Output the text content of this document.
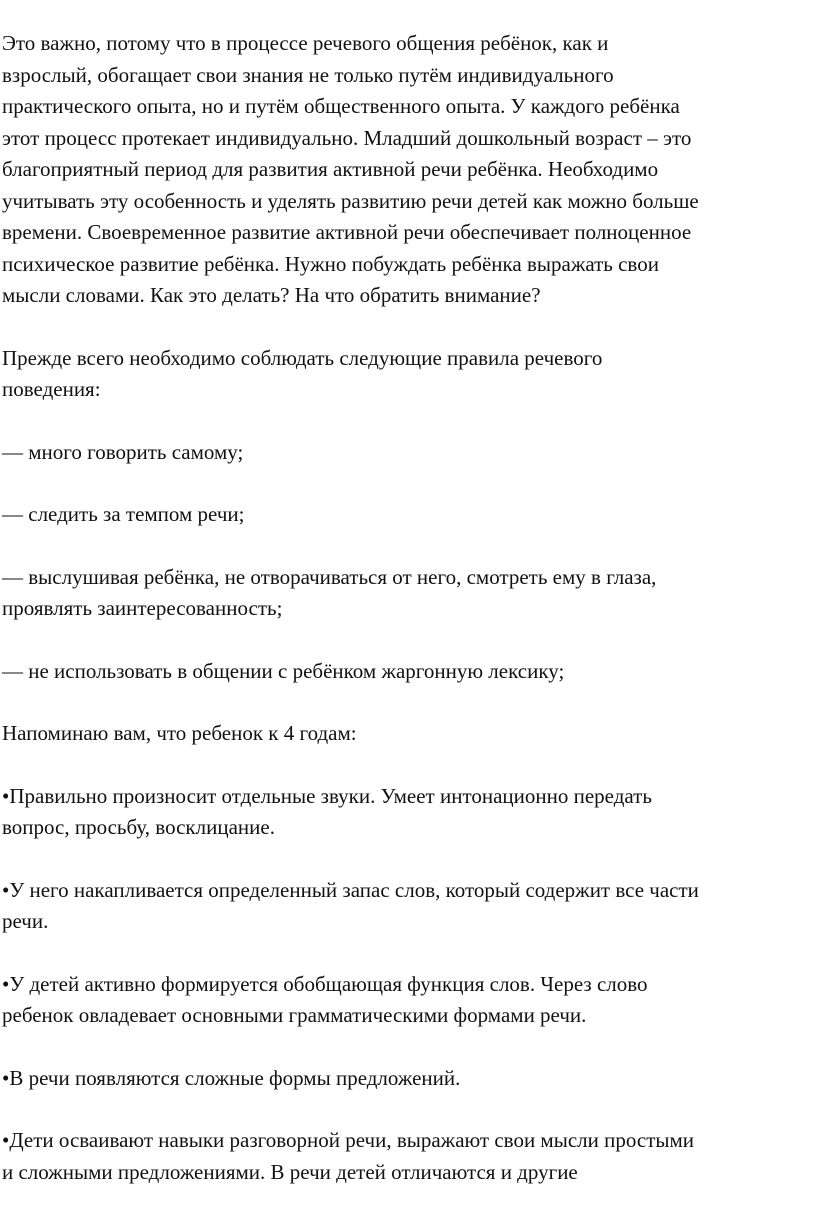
Это важно, потому что в процессе речевого общения ребёнок, как и
взрослый, обогащает свои знания не только путём индивидуального
практического опыта, но и путём общественного опыта. У каждого ребёнка
этот процесс протекает индивидуально. Младший дошкольный возраст – это
благоприятный период для развития активной речи ребёнка. Необходимо
учитывать эту особенность и уделять развитию речи детей как можно больше
времени. Своевременное развитие активной речи обеспечивает полноценное
психическое развитие ребёнка. Нужно побуждать ребёнка выражать свои
мысли словами. Как это делать? На что обратить внимание?

Прежде всего необходимо соблюдать следующие правила речевого
поведения:

— много говорить самому;

— следить за темпом речи;

— выслушивая ребёнка, не отворачиваться от него, смотреть ему в глаза,
проявлять заинтересованность;

— не использовать в общении с ребёнком жаргонную лексику;

Напоминаю вам, что ребенок к 4 годам:

•Правильно произносит отдельные звуки. Умеет интонационно передать
вопрос, просьбу, восклицание.

•У него накапливается определенный запас слов, который содержит все части
речи.

•У детей активно формируется обобщающая функция слов. Через слово
ребенок овладевает основными грамматическими формами речи.

•В речи появляются сложные формы предложений.

•Дети осваивают навыки разговорной речи, выражают свои мысли простыми
и сложными предложениями. В речи детей отличаются и другие
